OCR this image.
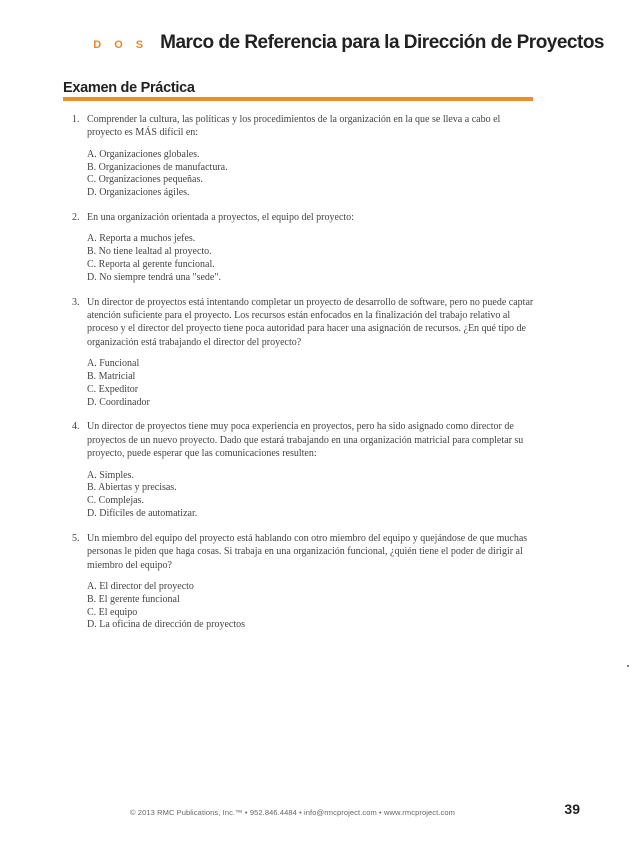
D O S Marco de Referencia para la Dirección de Proyectos
Examen de Práctica
1. Comprender la cultura, las políticas y los procedimientos de la organización en la que se lleva a cabo el proyecto es MÁS difícil en:
A. Organizaciones globales.
B. Organizaciones de manufactura.
C. Organizaciones pequeñas.
D. Organizaciones ágiles.
2. En una organización orientada a proyectos, el equipo del proyecto:
A. Reporta a muchos jefes.
B. No tiene lealtad al proyecto.
C. Reporta al gerente funcional.
D. No siempre tendrá una "sede".
3. Un director de proyectos está intentando completar un proyecto de desarrollo de software, pero no puede captar atención suficiente para el proyecto. Los recursos están enfocados en la finalización del trabajo relativo al proceso y el director del proyecto tiene poca autoridad para hacer una asignación de recursos. ¿En qué tipo de organización está trabajando el director del proyecto?
A. Funcional
B. Matricial
C. Expeditor
D. Coordinador
4. Un director de proyectos tiene muy poca experiencia en proyectos, pero ha sido asignado como director de proyectos de un nuevo proyecto. Dado que estará trabajando en una organización matricial para completar su proyecto, puede esperar que las comunicaciones resulten:
A. Simples.
B. Abiertas y precisas.
C. Complejas.
D. Difíciles de automatizar.
5. Un miembro del equipo del proyecto está hablando con otro miembro del equipo y quejándose de que muchas personas le piden que haga cosas. Si trabaja en una organización funcional, ¿quién tiene el poder de dirigir al miembro del equipo?
A. El director del proyecto
B. El gerente funcional
C. El equipo
D. La oficina de dirección de proyectos
© 2013 RMC Publications, Inc.™ • 952.846.4484 • info@rmcproject.com • www.rmcproject.com	39
